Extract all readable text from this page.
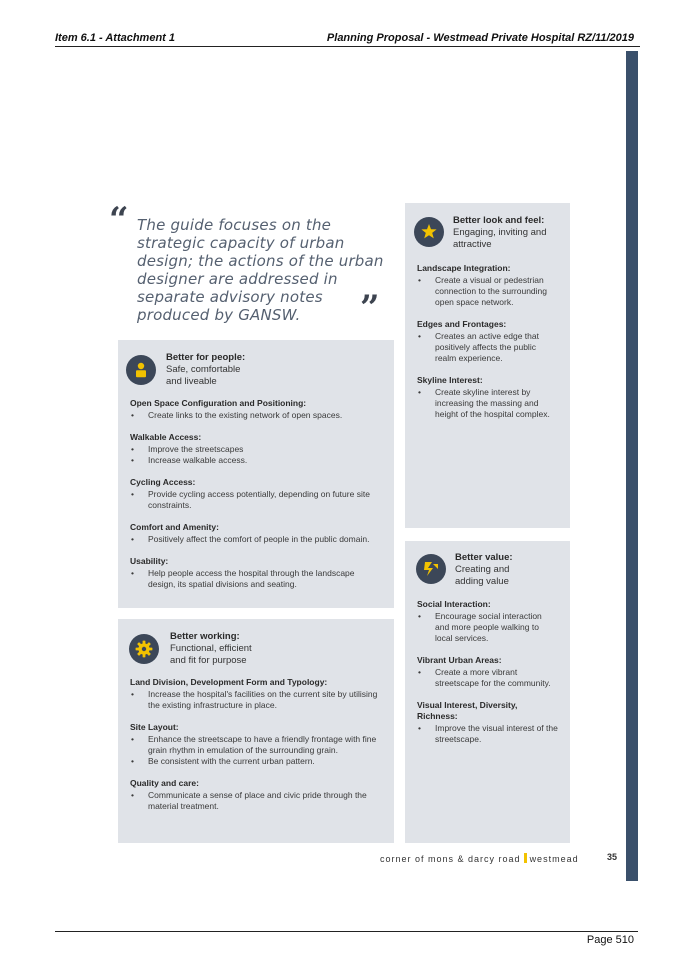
Item 6.1 - Attachment 1	Planning Proposal - Westmead Private Hospital RZ/11/2019
“ The guide focuses on the strategic capacity of urban design; the actions of the urban designer are addressed in separate advisory notes produced by GANSW.	”
Better for people:
Safe, comfortable
and liveable
Open Space Configuration and Positioning:
• Create links to the existing network of open spaces.
Walkable Access:
• Improve the streetscapes
• Increase walkable access.
Cycling Access:
• Provide cycling access potentially, depending on future site constraints.
Comfort and Amenity:
• Positively affect the comfort of people in the public domain.
Usability:
• Help people access the hospital through the landscape design, its spatial divisions and seating.
Better working:
Functional, efficient
and fit for purpose
Land Division, Development Form and Typology:
• Increase the hospital's facilities on the current site by utilising the existing infrastructure in place.
Site Layout:
• Enhance the streetscape to have a friendly frontage with fine grain rhythm in emulation of the surrounding grain.
• Be consistent with the current urban pattern.
Quality and care:
• Communicate a sense of place and civic pride through the material treatment.
Better look and feel:
Engaging, inviting and
attractive
Landscape Integration:
• Create a visual or pedestrian connection to the surrounding open space network.
Edges and Frontages:
• Creates an active edge that positively affects the public realm experience.
Skyline Interest:
• Create skyline interest by increasing the massing and height of the hospital complex.
Better value:
Creating and
adding value
Social Interaction:
• Encourage social interaction and more people walking to local services.
Vibrant Urban Areas:
• Create a more vibrant streetscape for the community.
Visual Interest, Diversity, Richness:
• Improve the visual interest of the streetscape.
corner of mons & darcy road westmead	35
Page 510
